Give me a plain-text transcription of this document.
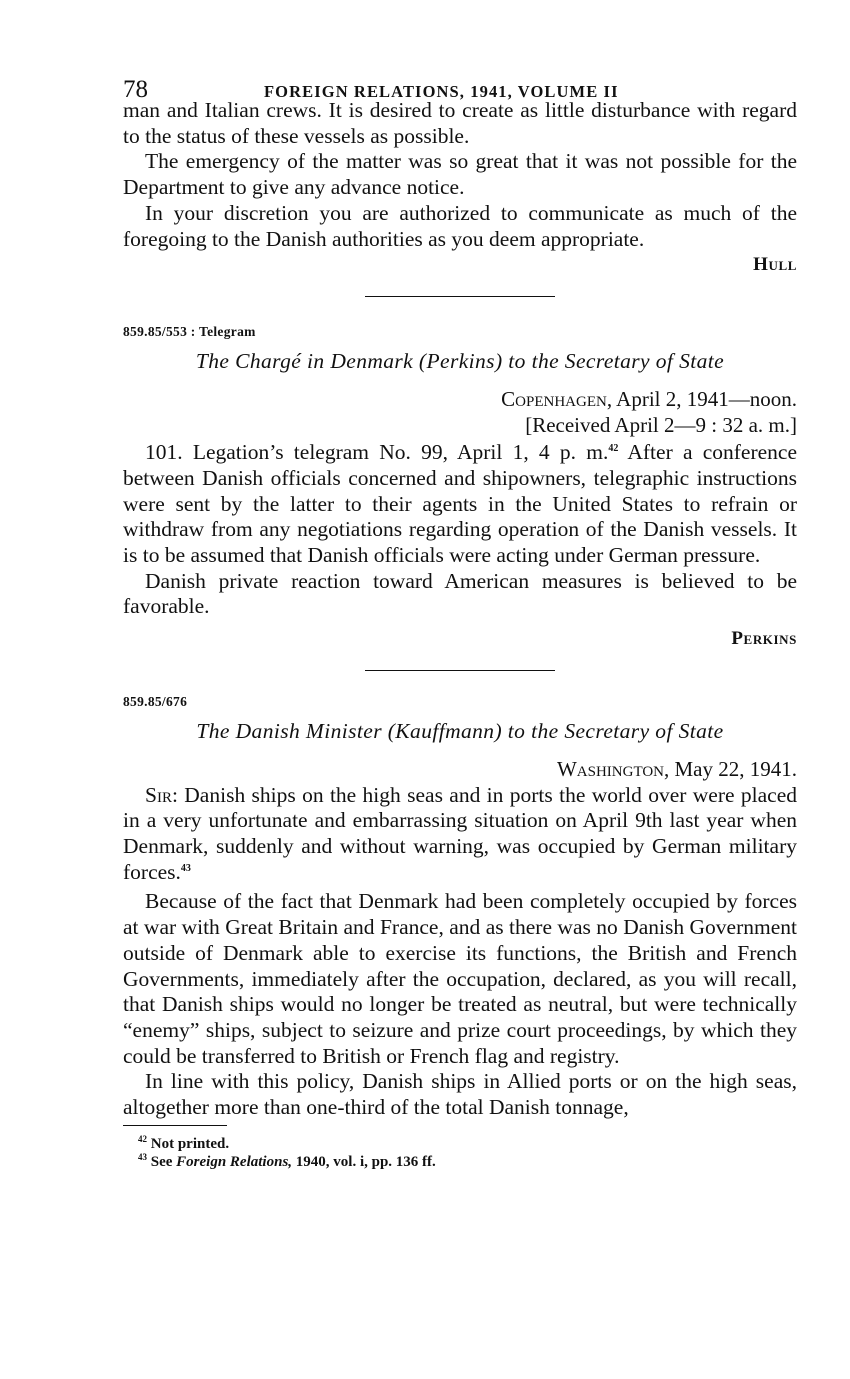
78	FOREIGN RELATIONS, 1941, VOLUME II

man and Italian crews. It is desired to create as little disturbance with regard to the status of these vessels as possible.

The emergency of the matter was so great that it was not possible for the Department to give any advance notice.

In your discretion you are authorized to communicate as much of the foregoing to the Danish authorities as you deem appropriate.

Hull
859.85/553 : Telegram
The Chargé in Denmark (Perkins) to the Secretary of State
Copenhagen, April 2, 1941—noon.
[Received April 2—9 : 32 a. m.]

101. Legation’s telegram No. 99, April 1, 4 p. m.$^{42}$ After a conference between Danish officials concerned and shipowners, telegraphic instructions were sent by the latter to their agents in the United States to refrain or withdraw from any negotiations regarding operation of the Danish vessels. It is to be assumed that Danish officials were acting under German pressure.

Danish private reaction toward American measures is believed to be favorable.

Perkins
859.85/676
The Danish Minister (Kauffmann) to the Secretary of State
Washington, May 22, 1941.

Sir: Danish ships on the high seas and in ports the world over were placed in a very unfortunate and embarrassing situation on April 9th last year when Denmark, suddenly and without warning, was occupied by German military forces.$^{43}$

Because of the fact that Denmark had been completely occupied by forces at war with Great Britain and France, and as there was no Danish Government outside of Denmark able to exercise its functions, the British and French Governments, immediately after the occupation, declared, as you will recall, that Danish ships would no longer be treated as neutral, but were technically “enemy” ships, subject to seizure and prize court proceedings, by which they could be transferred to British or French flag and registry.

In line with this policy, Danish ships in Allied ports or on the high seas, altogether more than one-third of the total Danish tonnage,

$^{42}$ Not printed.
$^{43}$ See Foreign Relations, 1940, vol. i, pp. 136 ff.
